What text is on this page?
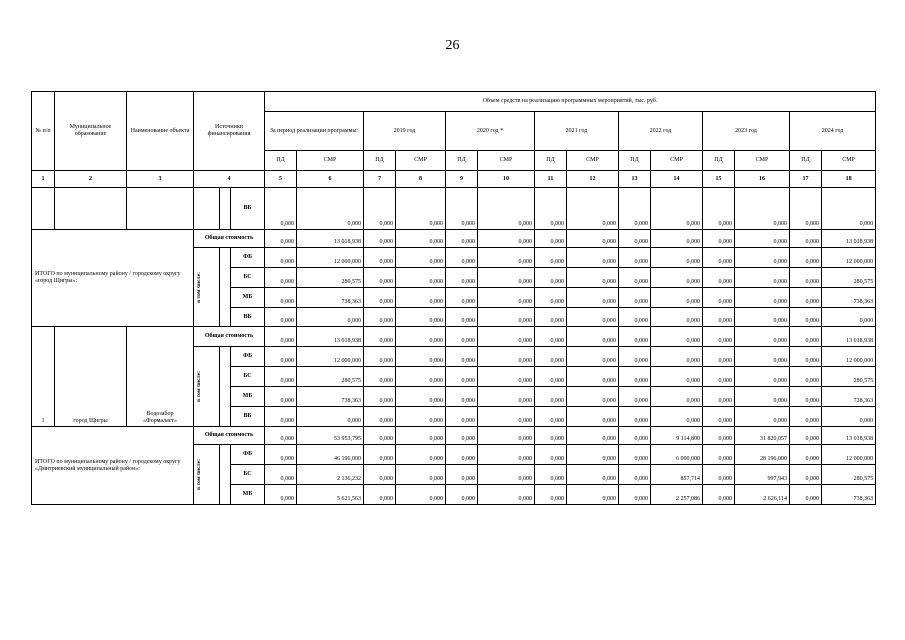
26
№ п/п	Муниципальное образование	Наименование объекта	Источники финансирования			Объем средств на реализацию программных мероприятий, тыс. руб.													
						За период реализации программы:		2019 год		2020 год *		2021 год		2022 год		2023 год		2024 год	
						ПД	СМР	ПД	СМР	ПД	СМР	ПД	СМР	ПД	СМР	ПД	СМР	ПД	СМР
1	2	3	4			5	6	7	8	9	10	11	12	13	14	15	16	17	18
					ВБ	0,000	0,000	0,000	0,000	0,000	0,000	0,000	0,000	0,000	0,000	0,000	0,000	0,000	0,000
ИТОГО по муниципальному району / городскому округу «город Щигры»:			Общая стоимость			0,000	13 018,938	0,000	0,000	0,000	0,000	0,000	0,000	0,000	0,000	0,000	0,000	0,000	13 018,938

			в том числе:		ФБ	0,000	12 000,000	0,000	0,000	0,000	0,000	0,000	0,000	0,000	0,000	0,000	0,000	0,000	12 000,000
					БС	0,000	280,575	0,000	0,000	0,000	0,000	0,000	0,000	0,000	0,000	0,000	0,000	0,000	280,575
					МБ	0,000	738,363	0,000	0,000	0,000	0,000	0,000	0,000	0,000	0,000	0,000	0,000	0,000	738,363
					ВБ	0,000	0,000	0,000	0,000	0,000	0,000	0,000	0,000	0,000	0,000	0,000	0,000	0,000	0,000
1	город Щигры	Водозабор «Формаласт»	Общая стоимость			0,000	13 018,938	0,000	0,000	0,000	0,000	0,000	0,000	0,000	0,000	0,000	0,000	0,000	13 018,938

			в том числе:		ФБ	0,000	12 000,000	0,000	0,000	0,000	0,000	0,000	0,000	0,000	0,000	0,000	0,000	0,000	12 000,000
					БС	0,000	280,575	0,000	0,000	0,000	0,000	0,000	0,000	0,000	0,000	0,000	0,000	0,000	280,575
					МБ	0,000	738,363	0,000	0,000	0,000	0,000	0,000	0,000	0,000	0,000	0,000	0,000	0,000	738,363
					ВБ	0,000	0,000	0,000	0,000	0,000	0,000	0,000	0,000	0,000	0,000	0,000	0,000	0,000	0,000
ИТОГО по муниципальному району / городскому округу «Дмитриевский муниципальный район»:			Общая стоимость			0,000	53 953,795	0,000	0,000	0,000	0,000	0,000	0,000	0,000	9 114,800	0,000	31 820,057	0,000	13 018,938

			в том числе:		ФБ	0,000	46 196,000	0,000	0,000	0,000	0,000	0,000	0,000	0,000	6 000,000	0,000	28 196,000	0,000	12 000,000
					БС	0,000	2 136,232	0,000	0,000	0,000	0,000	0,000	0,000	0,000	857,714	0,000	997,943	0,000	280,575
					МБ	0,000	5 621,563	0,000	0,000	0,000	0,000	0,000	0,000	0,000	2 257,086	0,000	2 626,114	0,000	738,363
